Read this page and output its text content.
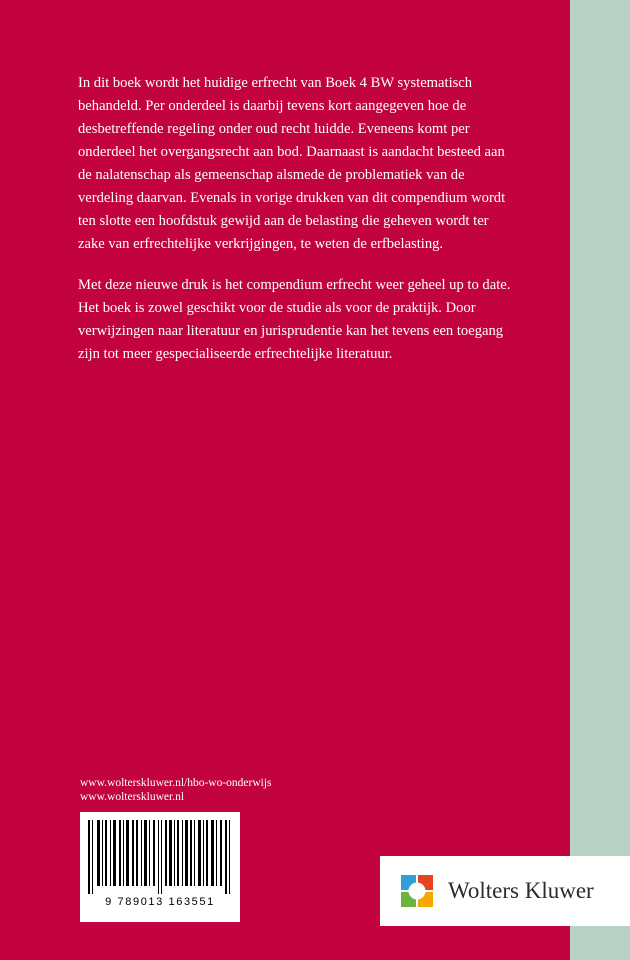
In dit boek wordt het huidige erfrecht van Boek 4 BW systematisch behandeld. Per onderdeel is daarbij tevens kort aangegeven hoe de desbetreffende regeling onder oud recht luidde. Eveneens komt per onderdeel het overgangsrecht aan bod. Daarnaast is aandacht besteed aan de nalatenschap als gemeenschap alsmede de problematiek van de verdeling daarvan. Evenals in vorige drukken van dit compendium wordt ten slotte een hoofdstuk gewijd aan de belasting die geheven wordt ter zake van erfrechtelijke verkrijgingen, te weten de erfbelasting.

Met deze nieuwe druk is het compendium erfrecht weer geheel up to date. Het boek is zowel geschikt voor de studie als voor de praktijk. Door verwijzingen naar literatuur en jurisprudentie kan het tevens een toegang zijn tot meer gespecialiseerde erfrechtelijke literatuur.

www.wolterskluwer.nl/hbo-wo-onderwijs
www.wolterskluwer.nl
9 789013 163551	Wolters Kluwer
